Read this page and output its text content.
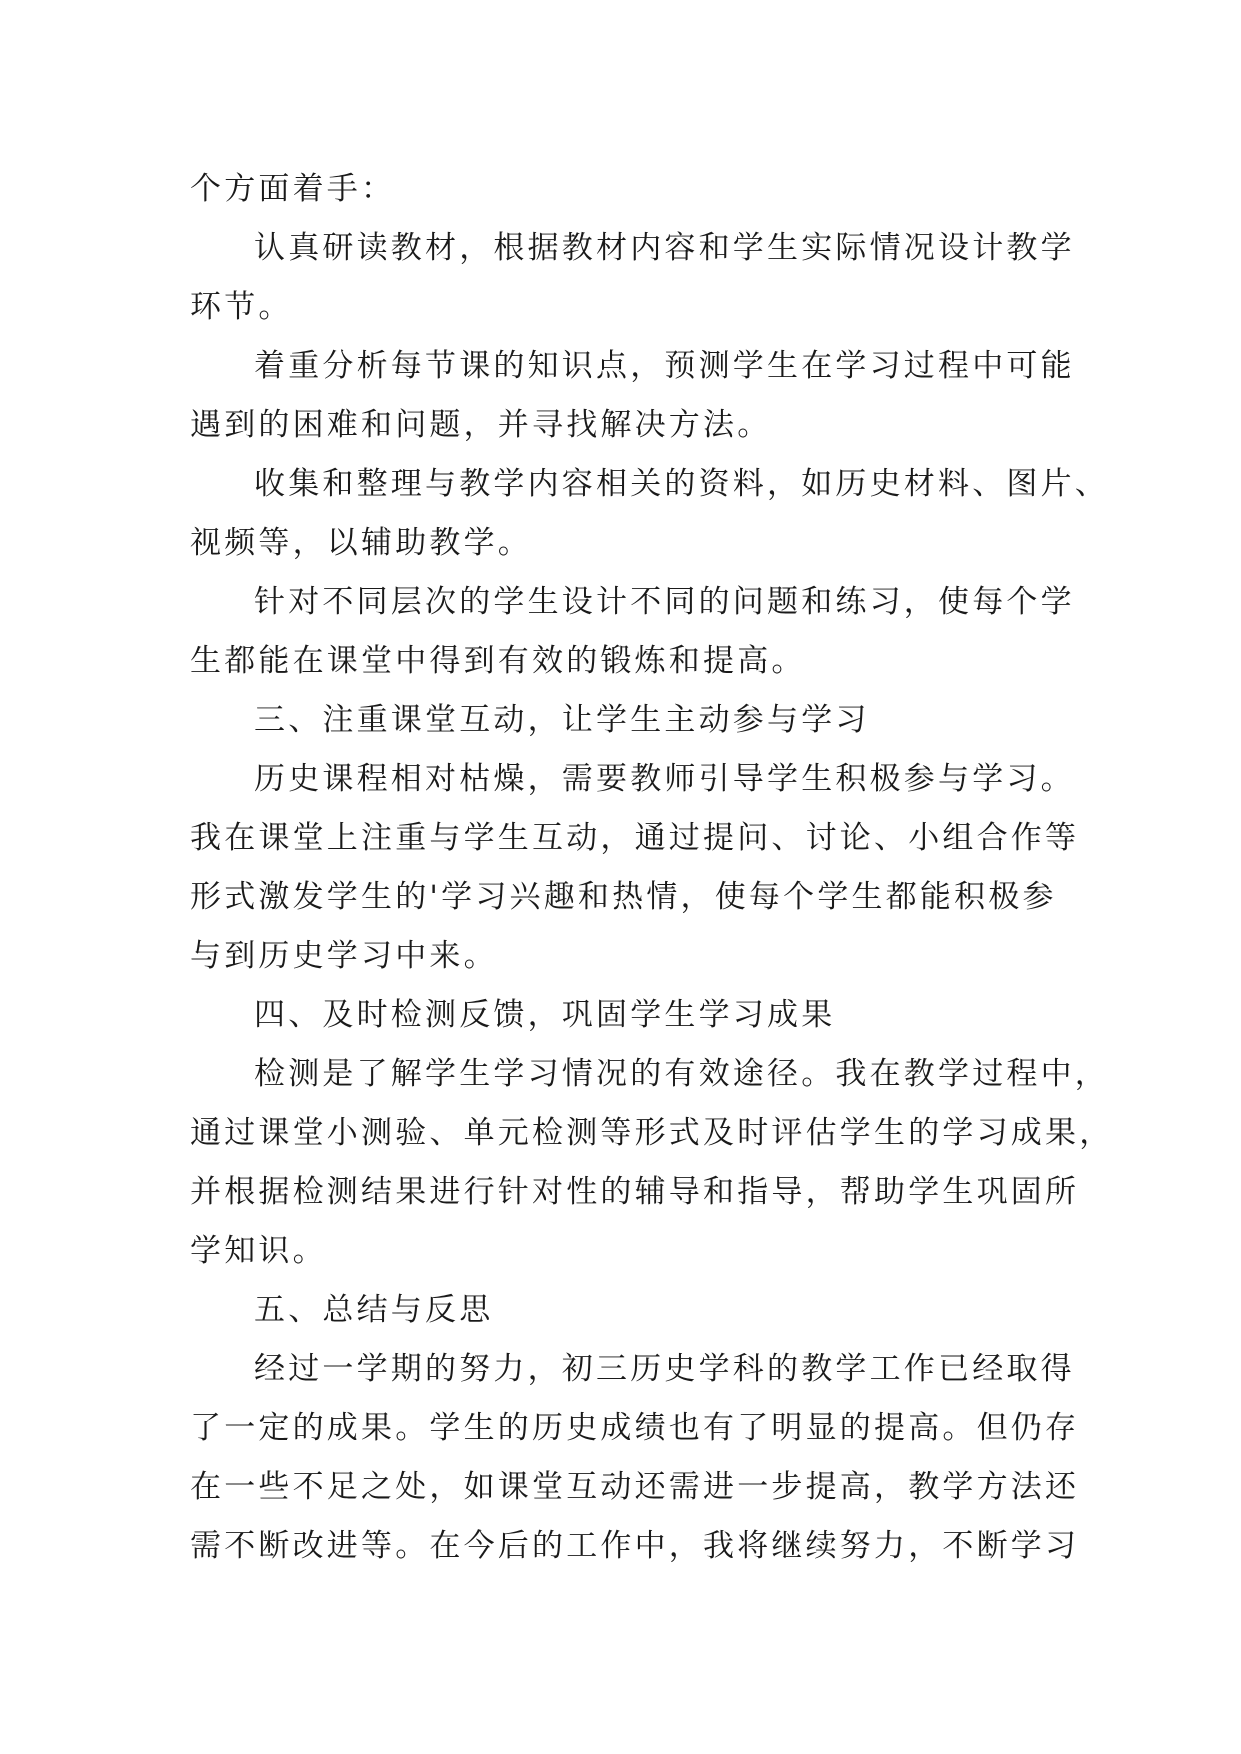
个方面着手：
认真研读教材，根据教材内容和学生实际情况设计教学
环节。
着重分析每节课的知识点，预测学生在学习过程中可能
遇到的困难和问题，并寻找解决方法。
收集和整理与教学内容相关的资料，如历史材料、图片、
视频等，以辅助教学。
针对不同层次的学生设计不同的问题和练习，使每个学
生都能在课堂中得到有效的锻炼和提高。
三、注重课堂互动，让学生主动参与学习
历史课程相对枯燥，需要教师引导学生积极参与学习。
我在课堂上注重与学生互动，通过提问、讨论、小组合作等
形式激发学生的'学习兴趣和热情，使每个学生都能积极参
与到历史学习中来。
四、及时检测反馈，巩固学生学习成果
检测是了解学生学习情况的有效途径。我在教学过程中，
通过课堂小测验、单元检测等形式及时评估学生的学习成果，
并根据检测结果进行针对性的辅导和指导，帮助学生巩固所
学知识。
五、总结与反思
经过一学期的努力，初三历史学科的教学工作已经取得
了一定的成果。学生的历史成绩也有了明显的提高。但仍存
在一些不足之处，如课堂互动还需进一步提高，教学方法还
需不断改进等。在今后的工作中，我将继续努力，不断学习
